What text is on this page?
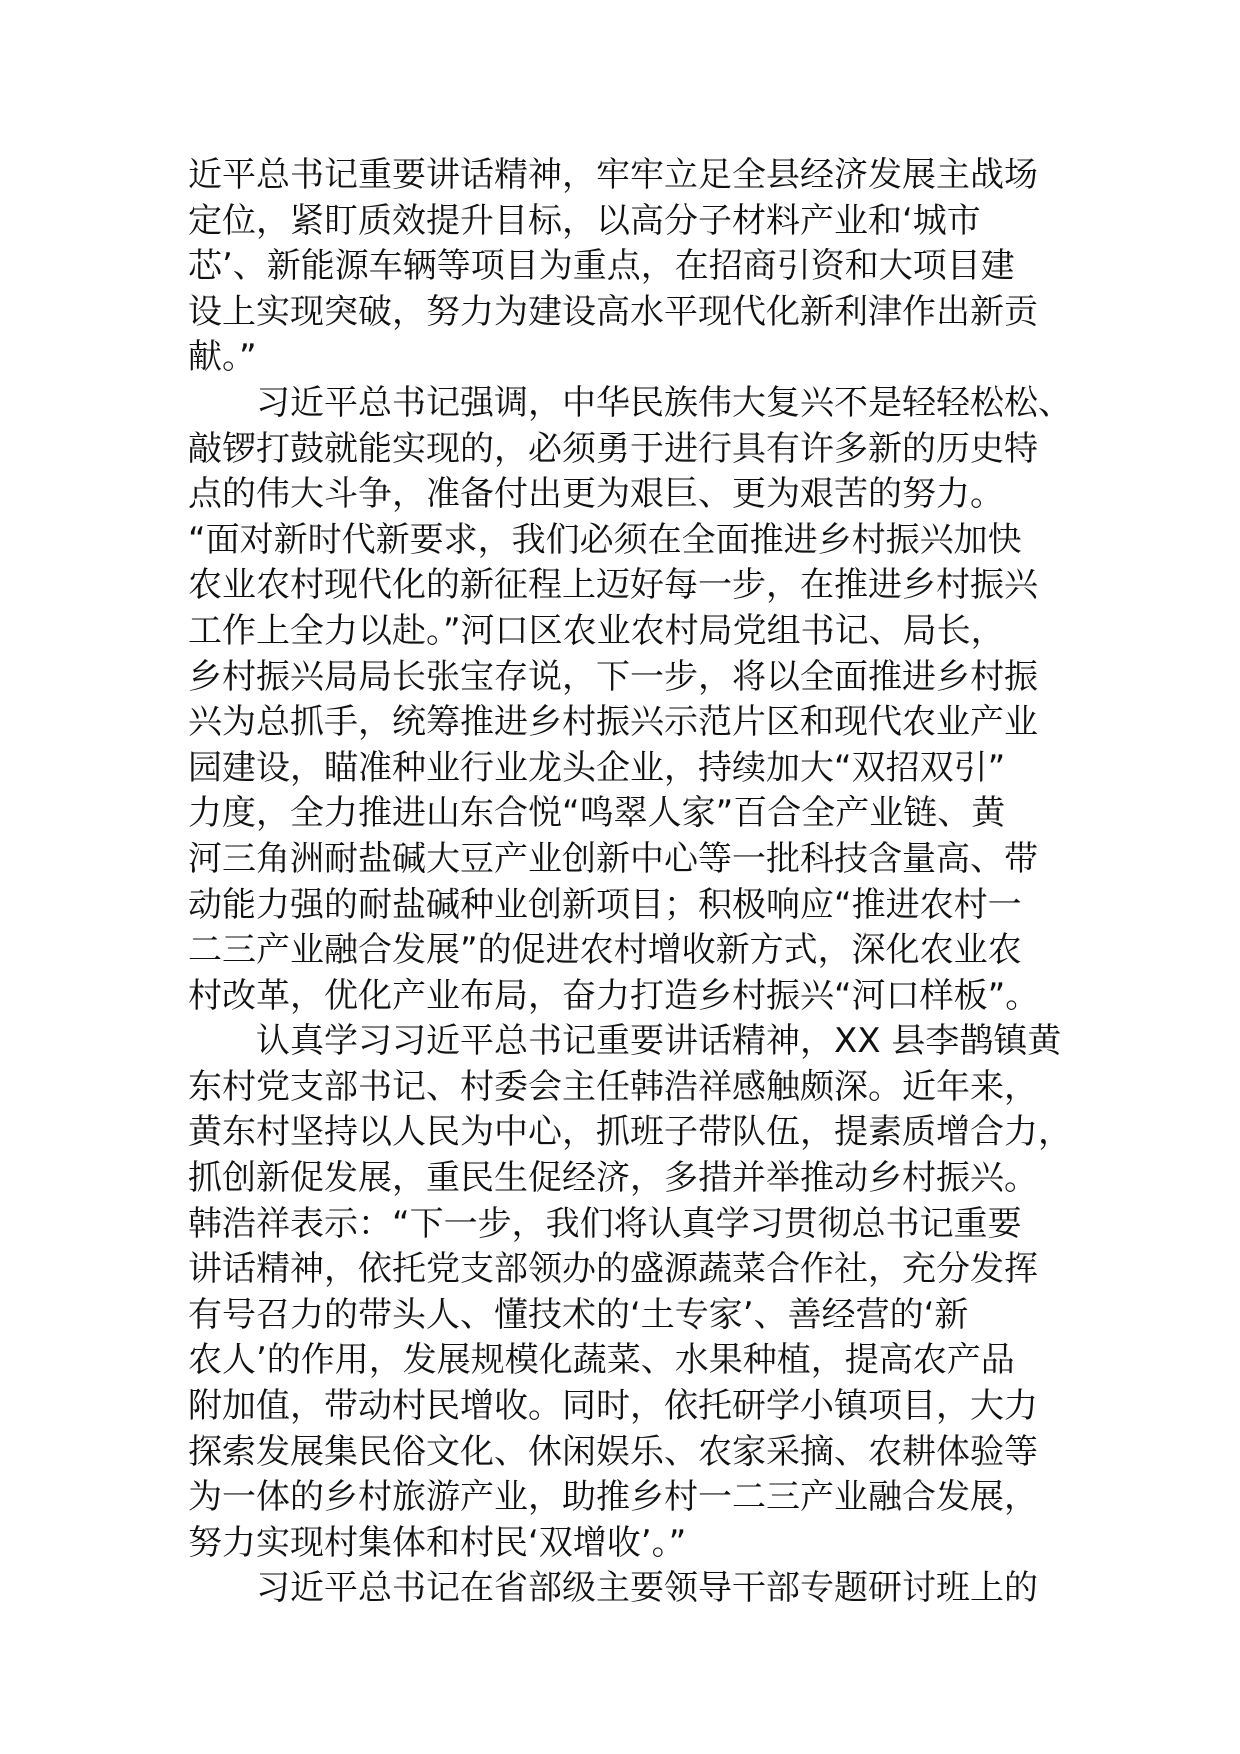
近平总书记重要讲话精神，牢牢立足全县经济发展主战场
定位，紧盯质效提升目标，以高分子材料产业和‘城市
芯’、新能源车辆等项目为重点，在招商引资和大项目建
设上实现突破，努力为建设高水平现代化新利津作出新贡
献。”

习近平总书记强调，中华民族伟大复兴不是轻轻松松、
敲锣打鼓就能实现的，必须勇于进行具有许多新的历史特
点的伟大斗争，准备付出更为艰巨、更为艰苦的努力。
“面对新时代新要求，我们必须在全面推进乡村振兴加快
农业农村现代化的新征程上迈好每一步，在推进乡村振兴
工作上全力以赴。”河口区农业农村局党组书记、局长，
乡村振兴局局长张宝存说，下一步，将以全面推进乡村振
兴为总抓手，统筹推进乡村振兴示范片区和现代农业产业
园建设，瞄准种业行业龙头企业，持续加大“双招双引”
力度，全力推进山东合悦“鸣翠人家”百合全产业链、黄
河三角洲耐盐碱大豆产业创新中心等一批科技含量高、带
动能力强的耐盐碱种业创新项目；积极响应“推进农村一
二三产业融合发展”的促进农村增收新方式，深化农业农
村改革，优化产业布局，奋力打造乡村振兴“河口样板”。

认真学习习近平总书记重要讲话精神，XX 县李鹊镇黄
东村党支部书记、村委会主任韩浩祥感触颇深。近年来，
黄东村坚持以人民为中心，抓班子带队伍，提素质增合力，
抓创新促发展，重民生促经济，多措并举推动乡村振兴。
韩浩祥表示：“下一步，我们将认真学习贯彻总书记重要
讲话精神，依托党支部领办的盛源蔬菜合作社，充分发挥
有号召力的带头人、懂技术的‘土专家’、善经营的‘新
农人’的作用，发展规模化蔬菜、水果种植，提高农产品
附加值，带动村民增收。同时，依托研学小镇项目，大力
探索发展集民俗文化、休闲娱乐、农家采摘、农耕体验等
为一体的乡村旅游产业，助推乡村一二三产业融合发展，
努力实现村集体和村民‘双增收’。”

习近平总书记在省部级主要领导干部专题研讨班上的
